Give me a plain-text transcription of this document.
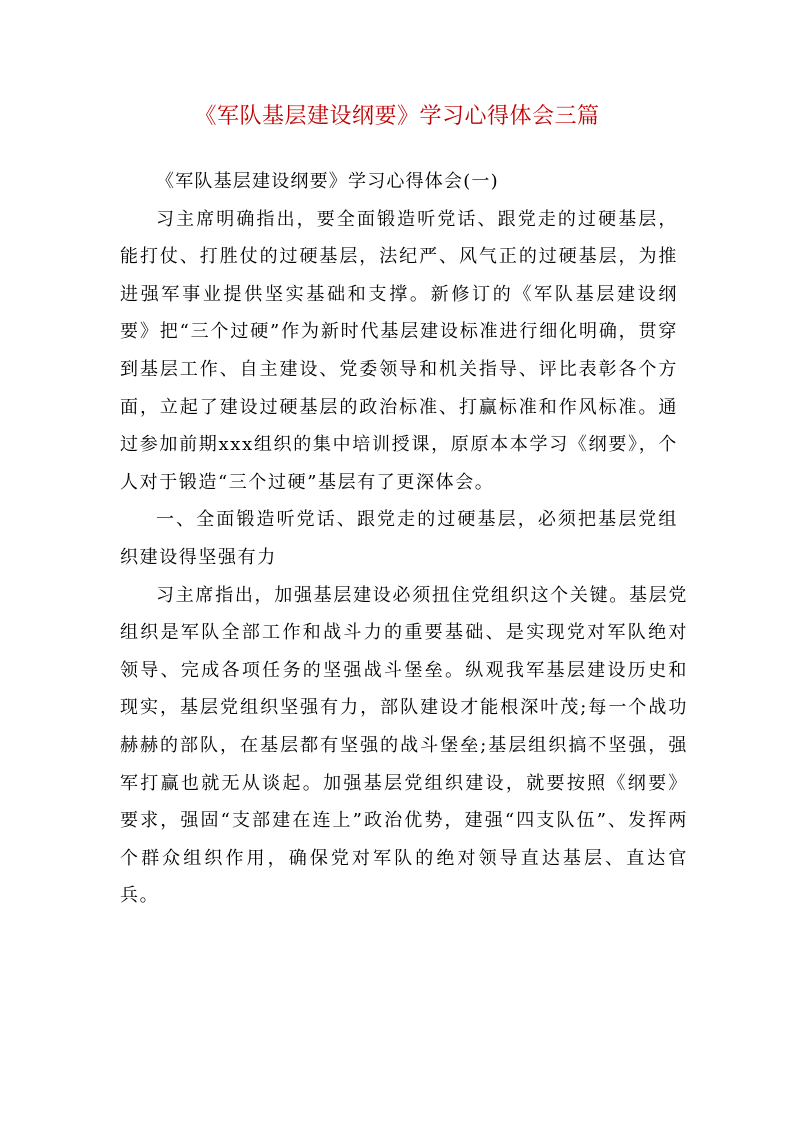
《军队基层建设纲要》学习心得体会三篇

《军队基层建设纲要》学习心得体会(一)

习主席明确指出，要全面锻造听党话、跟党走的过硬基层，能打仗、打胜仗的过硬基层，法纪严、风气正的过硬基层，为推进强军事业提供坚实基础和支撑。新修订的《军队基层建设纲要》把“三个过硬”作为新时代基层建设标准进行细化明确，贯穿到基层工作、自主建设、党委领导和机关指导、评比表彰各个方面，立起了建设过硬基层的政治标准、打赢标准和作风标准。通过参加前期xxx组织的集中培训授课，原原本本学习《纲要》，个人对于锻造“三个过硬”基层有了更深体会。

一、全面锻造听党话、跟党走的过硬基层，必须把基层党组织建设得坚强有力

习主席指出，加强基层建设必须扭住党组织这个关键。基层党组织是军队全部工作和战斗力的重要基础、是实现党对军队绝对领导、完成各项任务的坚强战斗堡垒。纵观我军基层建设历史和现实，基层党组织坚强有力，部队建设才能根深叶茂;每一个战功赫赫的部队，在基层都有坚强的战斗堡垒;基层组织搞不坚强，强军打赢也就无从谈起。加强基层党组织建设，就要按照《纲要》要求，强固“支部建在连上”政治优势，建强“四支队伍”、发挥两个群众组织作用，确保党对军队的绝对领导直达基层、直达官兵。
